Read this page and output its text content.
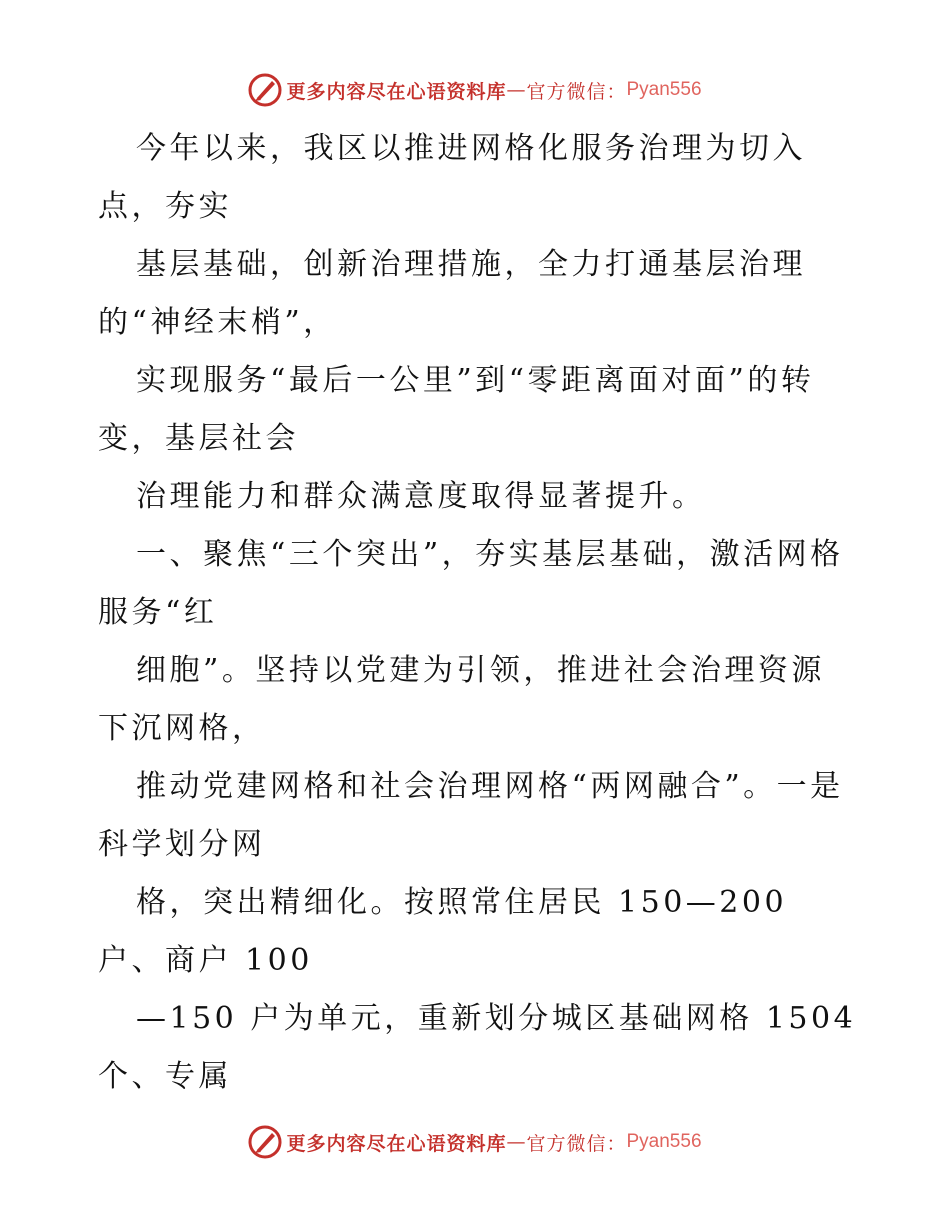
更多内容尽在心语资料库 — 官方微信： Pyan556

今年以来，我区以推进网格化服务治理为切入点，夯实

基层基础，创新治理措施，全力打通基层治理的“神经末梢”，

实现服务“最后一公里”到“零距离面对面”的转变，基层社会

治理能力和群众满意度取得显著提升。

一、聚焦“三个突出”，夯实基层基础，激活网格服务“红

细胞”。坚持以党建为引领，推进社会治理资源下沉网格，

推动党建网格和社会治理网格“两网融合”。一是科学划分网

格，突出精细化。按照常住居民 150—200 户、商户 100

—150 户为单元，重新划分城区基础网格 1504 个、专属

更多内容尽在心语资料库 — 官方微信： Pyan556
